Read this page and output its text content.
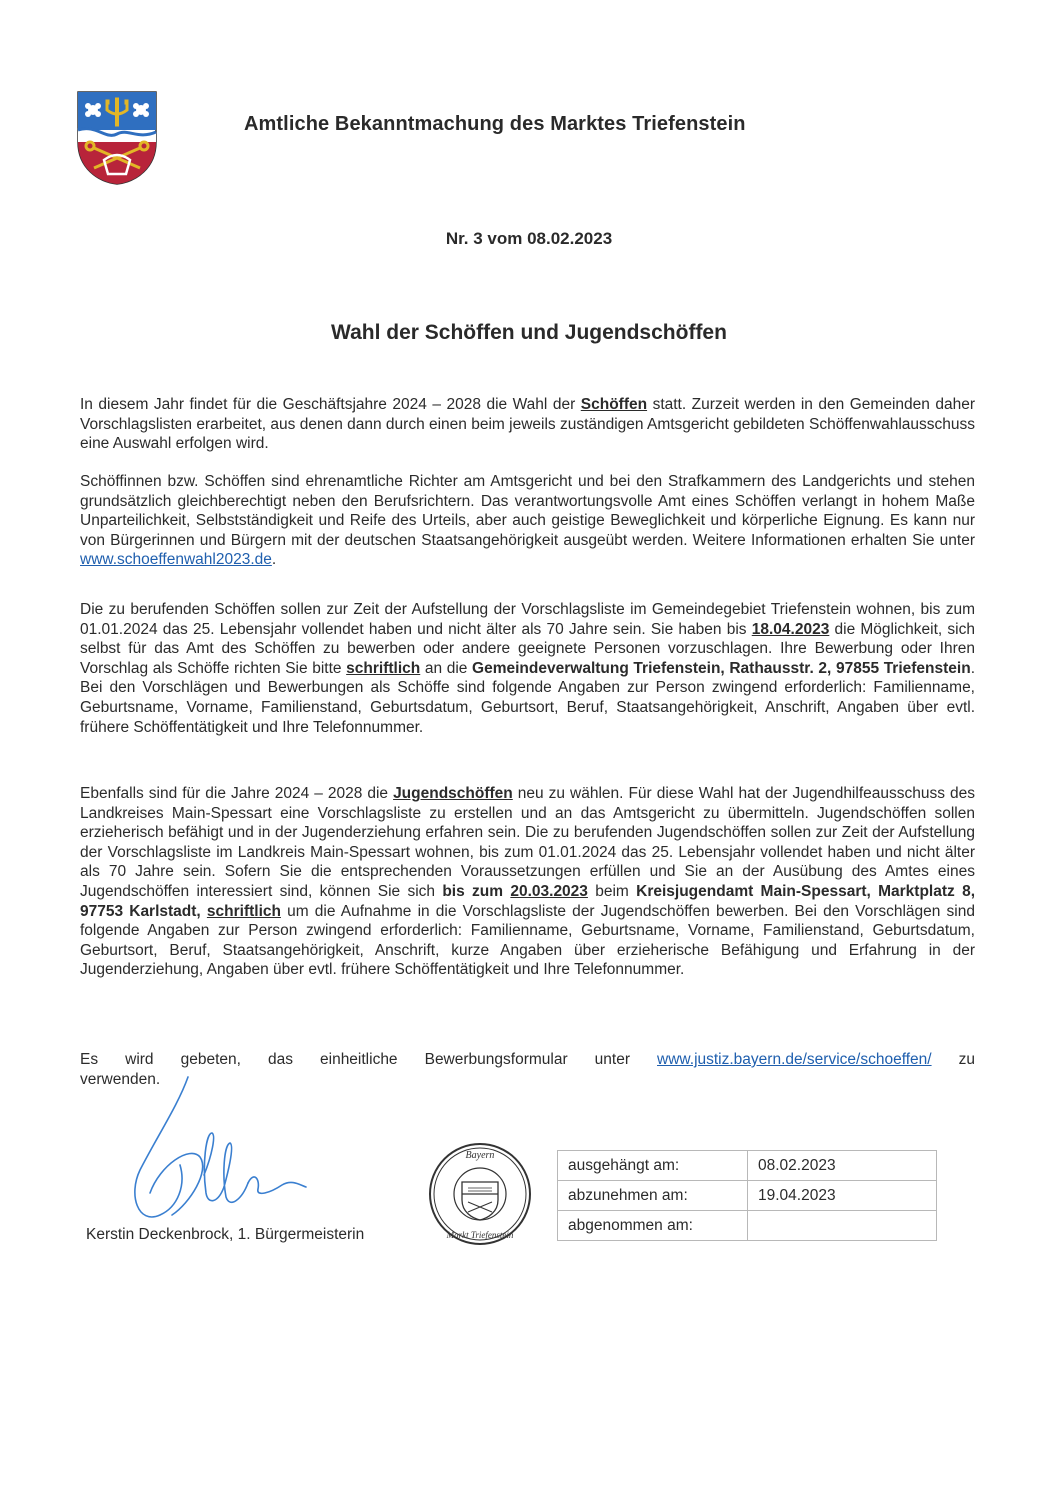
Amtliche Bekanntmachung des Marktes Triefenstein
Nr. 3 vom 08.02.2023
Wahl der Schöffen und Jugendschöffen
In diesem Jahr findet für die Geschäftsjahre 2024 – 2028 die Wahl der Schöffen statt. Zurzeit werden in den Gemeinden daher Vorschlagslisten erarbeitet, aus denen dann durch einen beim jeweils zuständigen Amtsgericht gebildeten Schöffenwahlausschuss eine Auswahl erfolgen wird.
Schöffinnen bzw. Schöffen sind ehrenamtliche Richter am Amtsgericht und bei den Strafkammern des Landgerichts und stehen grundsätzlich gleichberechtigt neben den Berufsrichtern. Das verantwortungsvolle Amt eines Schöffen verlangt in hohem Maße Unparteilichkeit, Selbstständigkeit und Reife des Urteils, aber auch geistige Beweglichkeit und körperliche Eignung. Es kann nur von Bürgerinnen und Bürgern mit der deutschen Staatsangehörigkeit ausgeübt werden. Weitere Informationen erhalten Sie unter www.schoeffenwahl2023.de.
Die zu berufenden Schöffen sollen zur Zeit der Aufstellung der Vorschlagsliste im Gemeindegebiet Triefenstein wohnen, bis zum 01.01.2024 das 25. Lebensjahr vollendet haben und nicht älter als 70 Jahre sein. Sie haben bis 18.04.2023 die Möglichkeit, sich selbst für das Amt des Schöffen zu bewerben oder andere geeignete Personen vorzuschlagen. Ihre Bewerbung oder Ihren Vorschlag als Schöffe richten Sie bitte schriftlich an die Gemeindeverwaltung Triefenstein, Rathausstr. 2, 97855 Triefenstein. Bei den Vorschlägen und Bewerbungen als Schöffe sind folgende Angaben zur Person zwingend erforderlich: Familienname, Geburtsname, Vorname, Familienstand, Geburtsdatum, Geburtsort, Beruf, Staatsangehörigkeit, Anschrift, Angaben über evtl. frühere Schöffentätigkeit und Ihre Telefonnummer.
Ebenfalls sind für die Jahre 2024 – 2028 die Jugendschöffen neu zu wählen. Für diese Wahl hat der Jugendhilfeausschuss des Landkreises Main-Spessart eine Vorschlagsliste zu erstellen und an das Amtsgericht zu übermitteln. Jugendschöffen sollen erzieherisch befähigt und in der Jugenderziehung erfahren sein. Die zu berufenden Jugendschöffen sollen zur Zeit der Aufstellung der Vorschlagsliste im Landkreis Main-Spessart wohnen, bis zum 01.01.2024 das 25. Lebensjahr vollendet haben und nicht älter als 70 Jahre sein. Sofern Sie die entsprechenden Voraussetzungen erfüllen und Sie an der Ausübung des Amtes eines Jugendschöffen interessiert sind, können Sie sich bis zum 20.03.2023 beim Kreisjugendamt Main-Spessart, Marktplatz 8, 97753 Karlstadt, schriftlich um die Aufnahme in die Vorschlagsliste der Jugendschöffen bewerben. Bei den Vorschlägen sind folgende Angaben zur Person zwingend erforderlich: Familienname, Geburtsname, Vorname, Familienstand, Geburtsdatum, Geburtsort, Beruf, Staatsangehörigkeit, Anschrift, kurze Angaben über erzieherische Befähigung und Erfahrung in der Jugenderziehung, Angaben über evtl. frühere Schöffentätigkeit und Ihre Telefonnummer.
Es wird gebeten, das einheitliche Bewerbungsformular unter www.justiz.bayern.de/service/schoeffen/ zu
verwenden.
Kerstin Deckenbrock, 1. Bürgermeisterin
Bayern
Markt Triefenstein
ausgehängt am:	08.02.2023
abzunehmen am:	19.04.2023
abgenommen am:	
